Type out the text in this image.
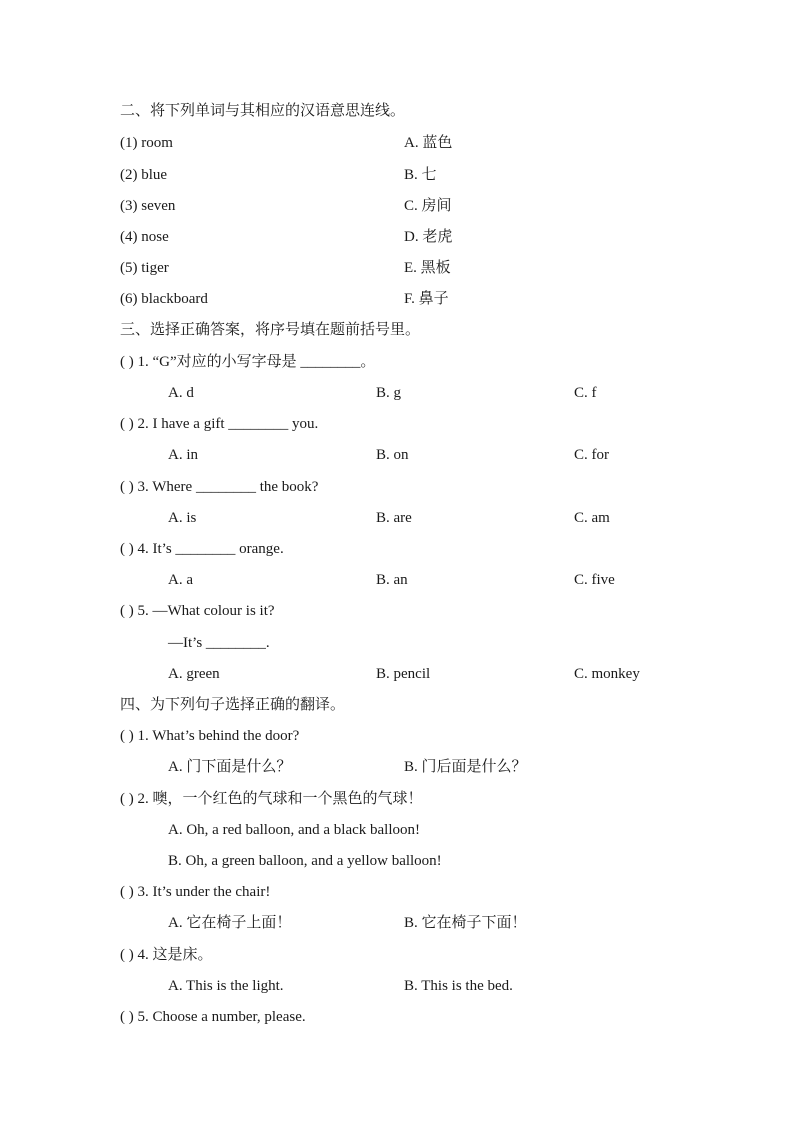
二、将下列单词与其相应的汉语意思连线。
(1) room	A. 蓝色
(2) blue	B. 七
(3) seven	C. 房间
(4) nose	D. 老虎
(5) tiger	E. 黑板
(6) blackboard	F. 鼻子
三、选择正确答案，将序号填在题前括号里。
( ) 1. “G”对应的小写字母是 ________。
A. d	B. g	C. f
( ) 2. I have a gift ________ you.
A. in	B. on	C. for
( ) 3. Where ________ the book?
A. is	B. are	C. am
( ) 4. It’s ________ orange.
A. a	B. an	C. five
( ) 5. —What colour is it?
—It’s ________.
A. green	B. pencil	C. monkey
四、为下列句子选择正确的翻译。
( ) 1. What’s behind the door?
A. 门下面是什么？	B. 门后面是什么？
( ) 2. 噢，一个红色的气球和一个黑色的气球！
A. Oh, a red balloon, and a black balloon!
B. Oh, a green balloon, and a yellow balloon!
( ) 3. It’s under the chair!
A. 它在椅子上面！	B. 它在椅子下面！
( ) 4. 这是床。
A. This is the light.	B. This is the bed.
( ) 5. Choose a number, please.
